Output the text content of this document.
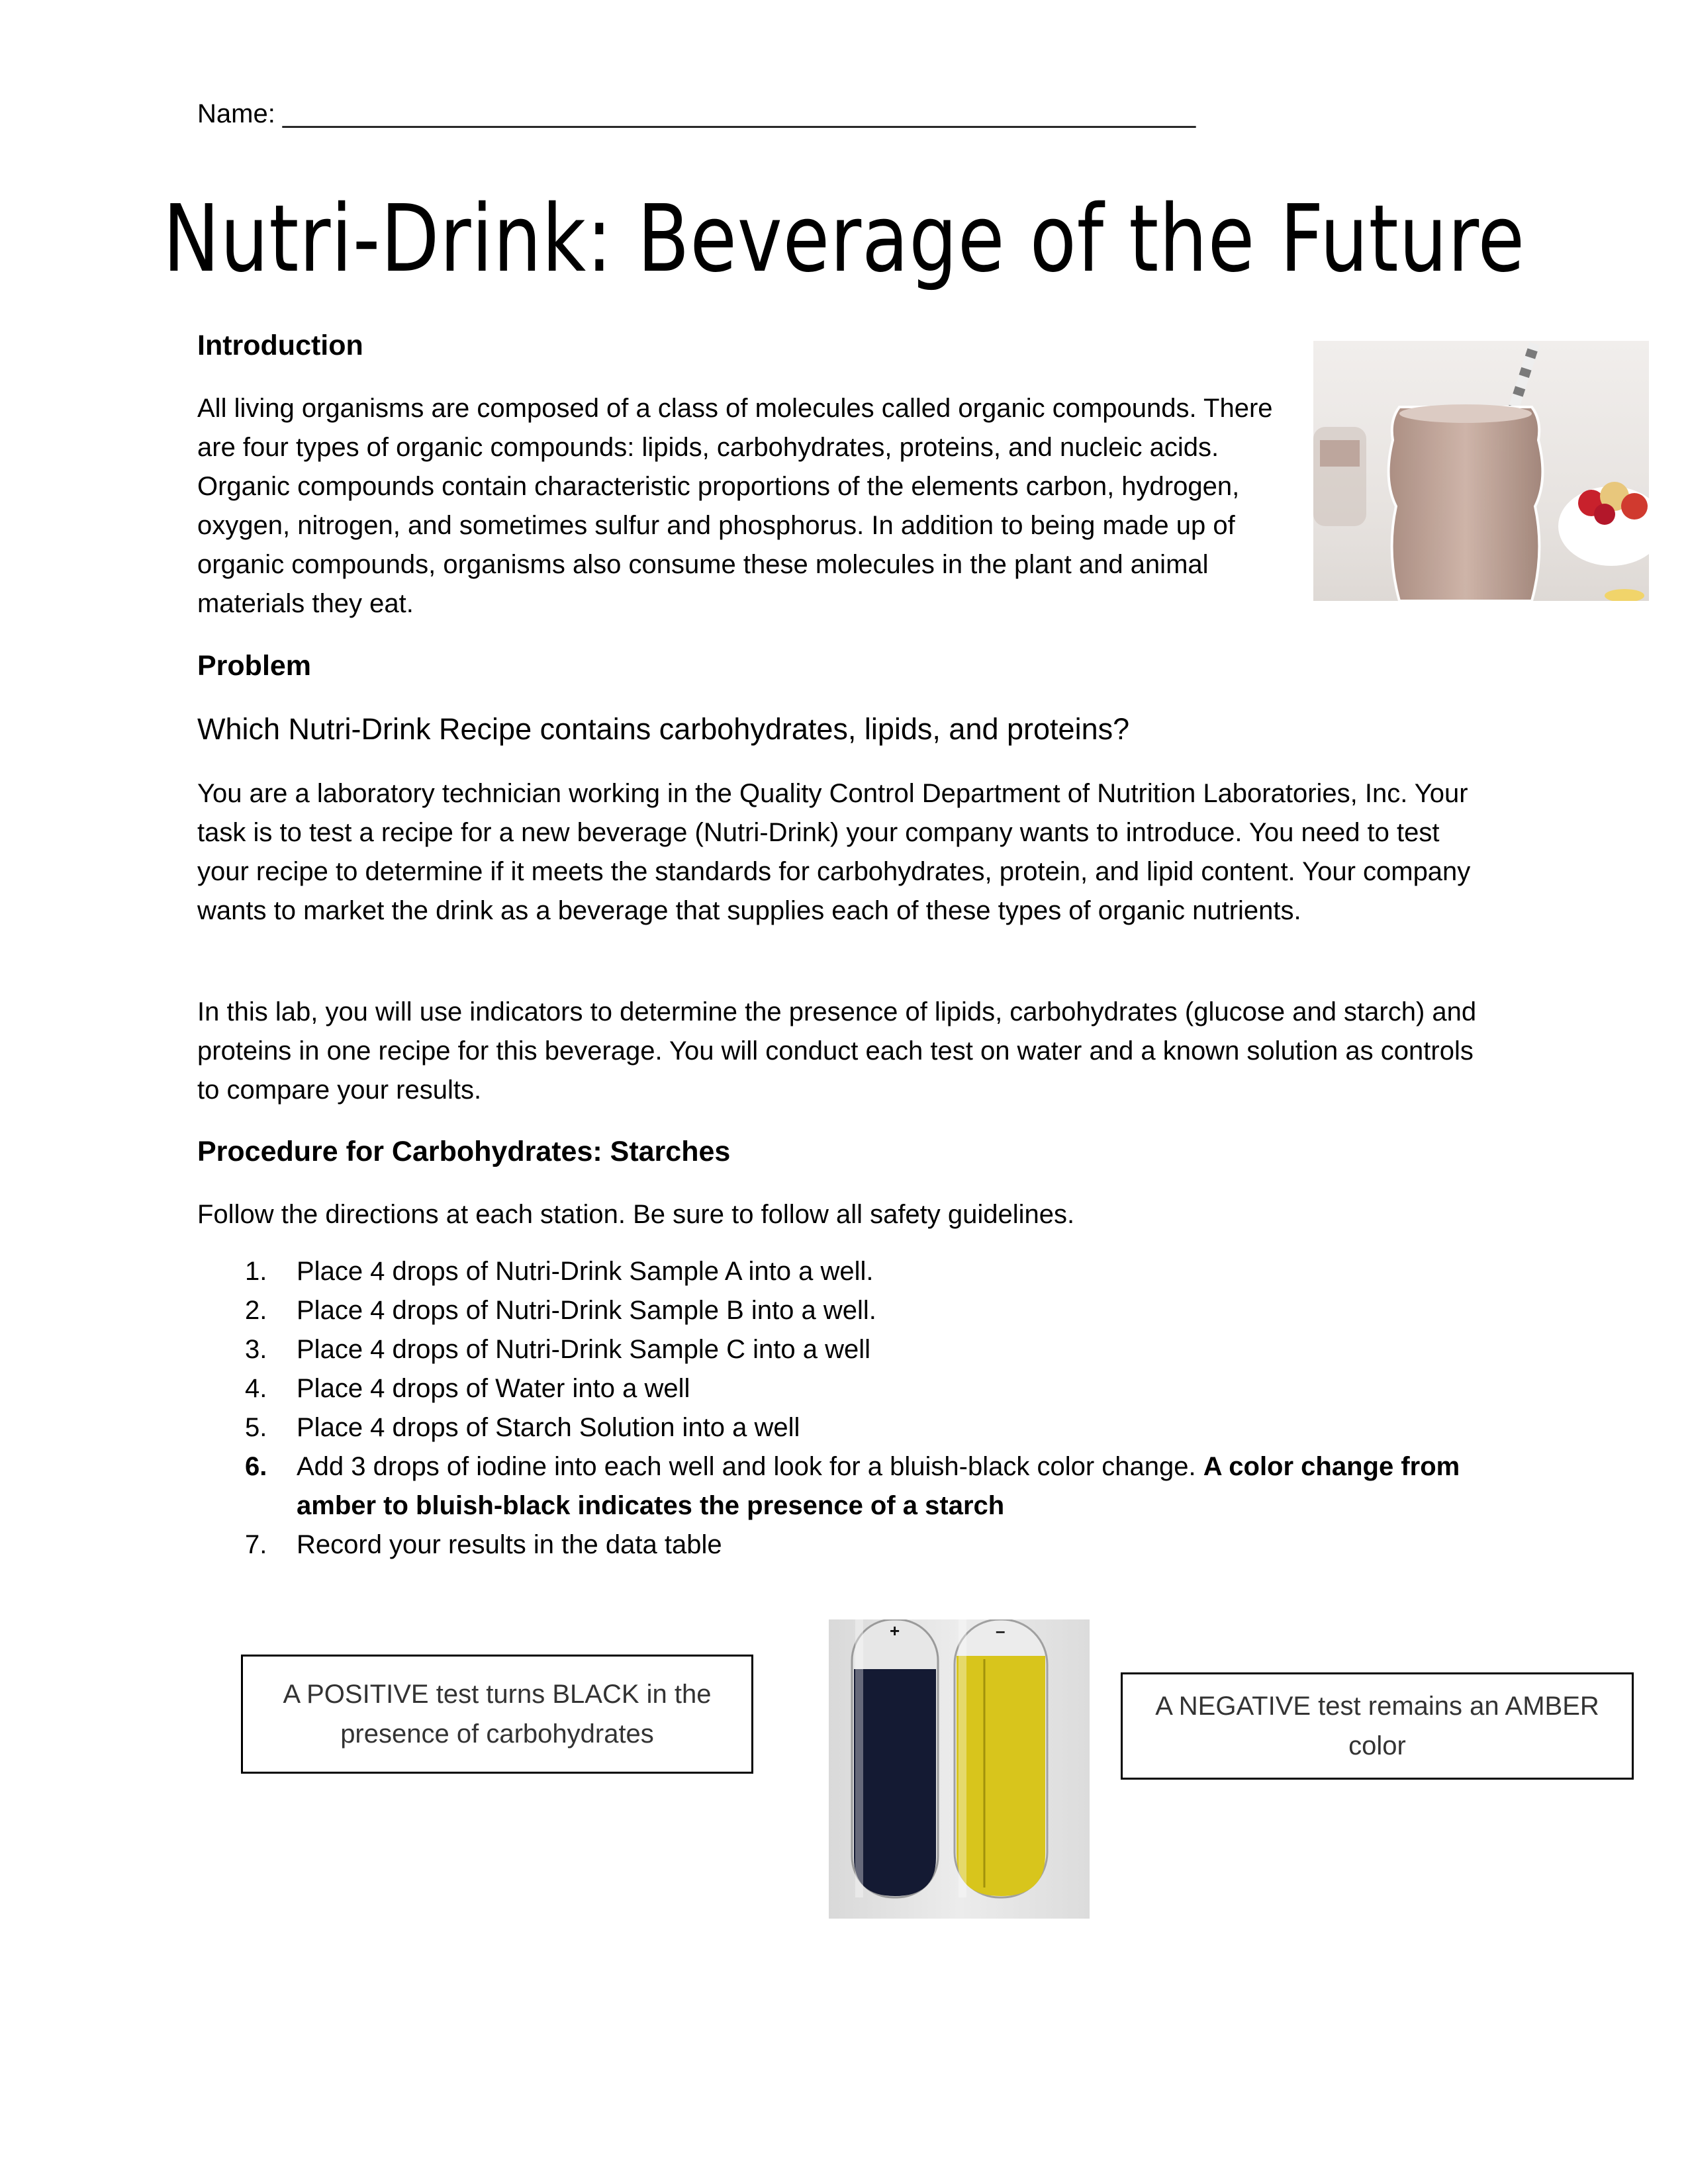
Name: ______________________________________________________________
Nutri-Drink: Beverage of the Future
Introduction
All living organisms are composed of a class of molecules called organic compounds. There are four types of organic compounds: lipids, carbohydrates, proteins, and nucleic acids. Organic compounds contain characteristic proportions of the elements carbon, hydrogen, oxygen, nitrogen, and sometimes sulfur and phosphorus. In addition to being made up of organic compounds, organisms also consume these molecules in the plant and animal materials they eat.
Problem
Which Nutri-Drink Recipe contains carbohydrates, lipids, and proteins?
You are a laboratory technician working in the Quality Control Department of Nutrition Laboratories, Inc. Your task is to test a recipe for a new beverage (Nutri-Drink) your company wants to introduce. You need to test your recipe to determine if it meets the standards for carbohydrates, protein, and lipid content. Your company wants to market the drink as a beverage that supplies each of these types of organic nutrients.
In this lab, you will use indicators to determine the presence of lipids, carbohydrates (glucose and starch) and proteins in one recipe for this beverage. You will conduct each test on water and a known solution as controls to compare your results.
Procedure for Carbohydrates: Starches
Follow the directions at each station. Be sure to follow all safety guidelines.
1. Place 4 drops of Nutri-Drink Sample A into a well.
2. Place 4 drops of Nutri-Drink Sample B into a well.
3. Place 4 drops of Nutri-Drink Sample C into a well
4. Place 4 drops of Water into a well
5. Place 4 drops of Starch Solution into a well
6. Add 3 drops of iodine into each well and look for a bluish-black color change. A color change from amber to bluish-black indicates the presence of a starch
7. Record your results in the data table
A POSITIVE test turns BLACK in the presence of carbohydrates
+	–
A NEGATIVE test remains an AMBER color
